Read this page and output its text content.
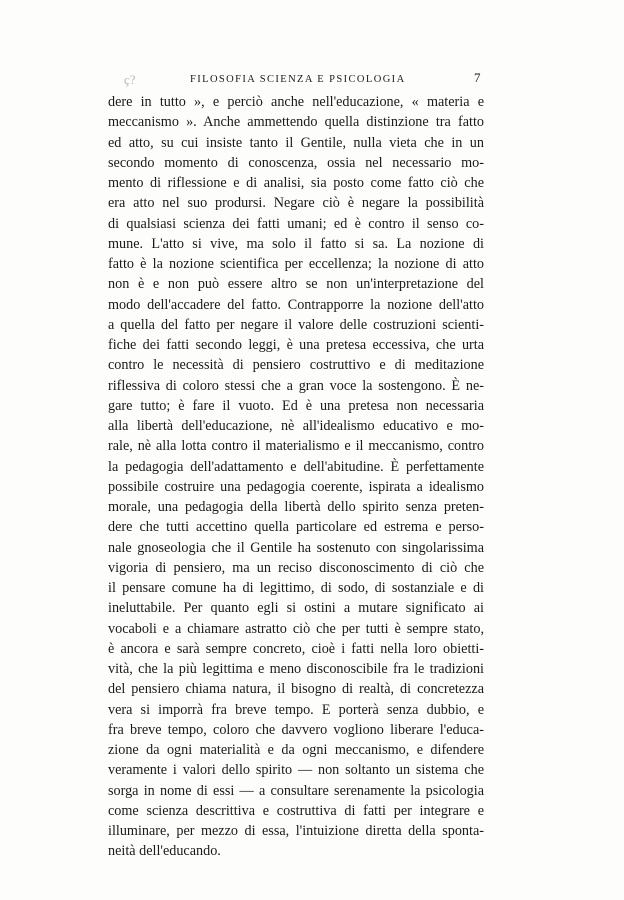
ç?	FILOSOFIA SCIENZA E PSICOLOGIA	7
dere in tutto », e perciò anche nell'educazione, « materia e
meccanismo ». Anche ammettendo quella distinzione tra fatto
ed atto, su cui insiste tanto il Gentile, nulla vieta che in un
secondo momento di conoscenza, ossia nel necessario mo-
mento di riflessione e di analisi, sia posto come fatto ciò che
era atto nel suo prodursi. Negare ciò è negare la possibilità
di qualsiasi scienza dei fatti umani; ed è contro il senso co-
mune. L'atto si vive, ma solo il fatto si sa. La nozione di
fatto è la nozione scientifica per eccellenza; la nozione di atto
non è e non può essere altro se non un'interpretazione del
modo dell'accadere del fatto. Contrapporre la nozione dell'atto
a quella del fatto per negare il valore delle costruzioni scienti-
fiche dei fatti secondo leggi, è una pretesa eccessiva, che urta
contro le necessità di pensiero costruttivo e di meditazione
riflessiva di coloro stessi che a gran voce la sostengono. È ne-
gare tutto; è fare il vuoto. Ed è una pretesa non necessaria
alla libertà dell'educazione, nè all'idealismo educativo e mo-
rale, nè alla lotta contro il materialismo e il meccanismo, contro
la pedagogia dell'adattamento e dell'abitudine. È perfettamente
possibile costruire una pedagogia coerente, ispirata a idealismo
morale, una pedagogia della libertà dello spirito senza preten-
dere che tutti accettino quella particolare ed estrema e perso-
nale gnoseologia che il Gentile ha sostenuto con singolarissima
vigoria di pensiero, ma un reciso disconoscimento di ciò che
il pensare comune ha di legittimo, di sodo, di sostanziale e di
ineluttabile. Per quanto egli si ostini a mutare significato ai
vocaboli e a chiamare astratto ciò che per tutti è sempre stato,
è ancora e sarà sempre concreto, cioè i fatti nella loro obietti-
vità, che la più legittima e meno disconoscibile fra le tradizioni
del pensiero chiama natura, il bisogno di realtà, di concretezza
vera si imporrà fra breve tempo. E porterà senza dubbio, e
fra breve tempo, coloro che davvero vogliono liberare l'educa-
zione da ogni materialità e da ogni meccanismo, e difendere
veramente i valori dello spirito — non soltanto un sistema che
sorga in nome di essi — a consultare serenamente la psicologia
come scienza descrittiva e costruttiva di fatti per integrare e
illuminare, per mezzo di essa, l'intuizione diretta della sponta-
neità dell'educando.
